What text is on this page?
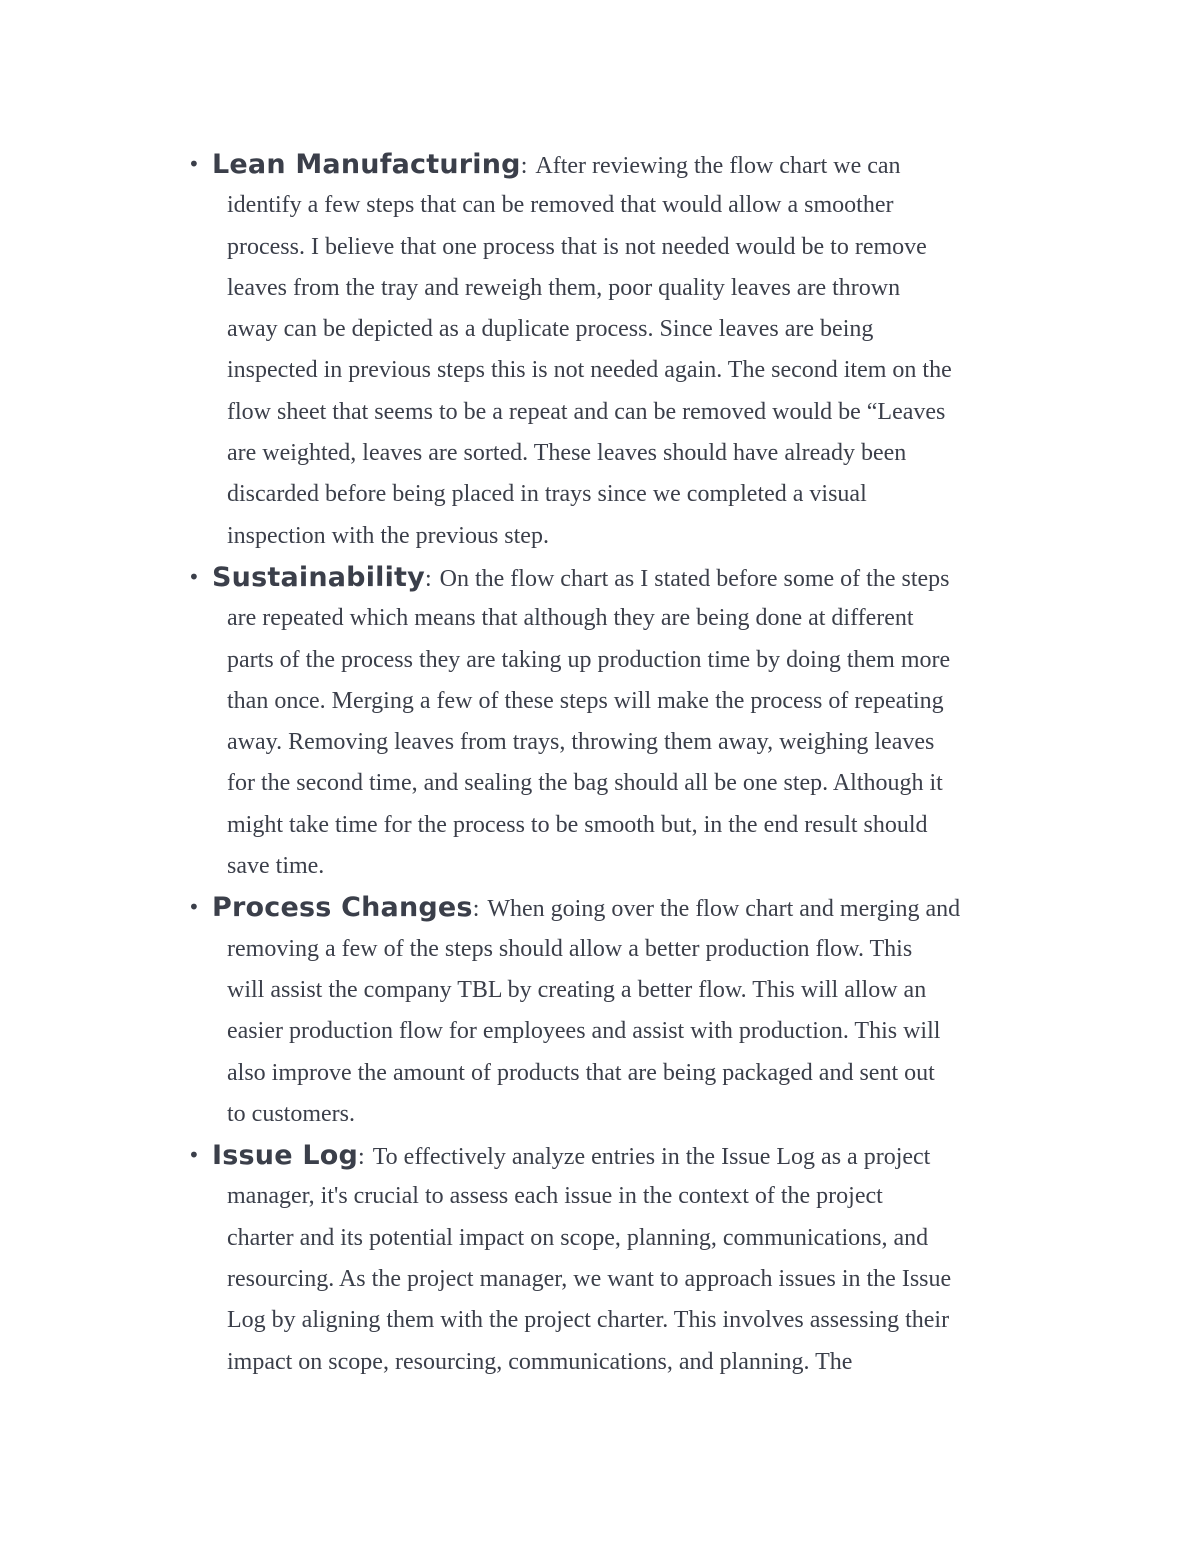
• Lean Manufacturing: After reviewing the flow chart we can
identify a few steps that can be removed that would allow a smoother
process. I believe that one process that is not needed would be to remove
leaves from the tray and reweigh them, poor quality leaves are thrown
away can be depicted as a duplicate process. Since leaves are being
inspected in previous steps this is not needed again. The second item on the
flow sheet that seems to be a repeat and can be removed would be “Leaves
are weighted, leaves are sorted. These leaves should have already been
discarded before being placed in trays since we completed a visual
inspection with the previous step.
• Sustainability: On the flow chart as I stated before some of the steps
are repeated which means that although they are being done at different
parts of the process they are taking up production time by doing them more
than once. Merging a few of these steps will make the process of repeating
away. Removing leaves from trays, throwing them away, weighing leaves
for the second time, and sealing the bag should all be one step. Although it
might take time for the process to be smooth but, in the end result should
save time.
• Process Changes: When going over the flow chart and merging and
removing a few of the steps should allow a better production flow. This
will assist the company TBL by creating a better flow. This will allow an
easier production flow for employees and assist with production. This will
also improve the amount of products that are being packaged and sent out
to customers.
• Issue Log: To effectively analyze entries in the Issue Log as a project
manager, it's crucial to assess each issue in the context of the project
charter and its potential impact on scope, planning, communications, and
resourcing. As the project manager, we want to approach issues in the Issue
Log by aligning them with the project charter. This involves assessing their
impact on scope, resourcing, communications, and planning. The
